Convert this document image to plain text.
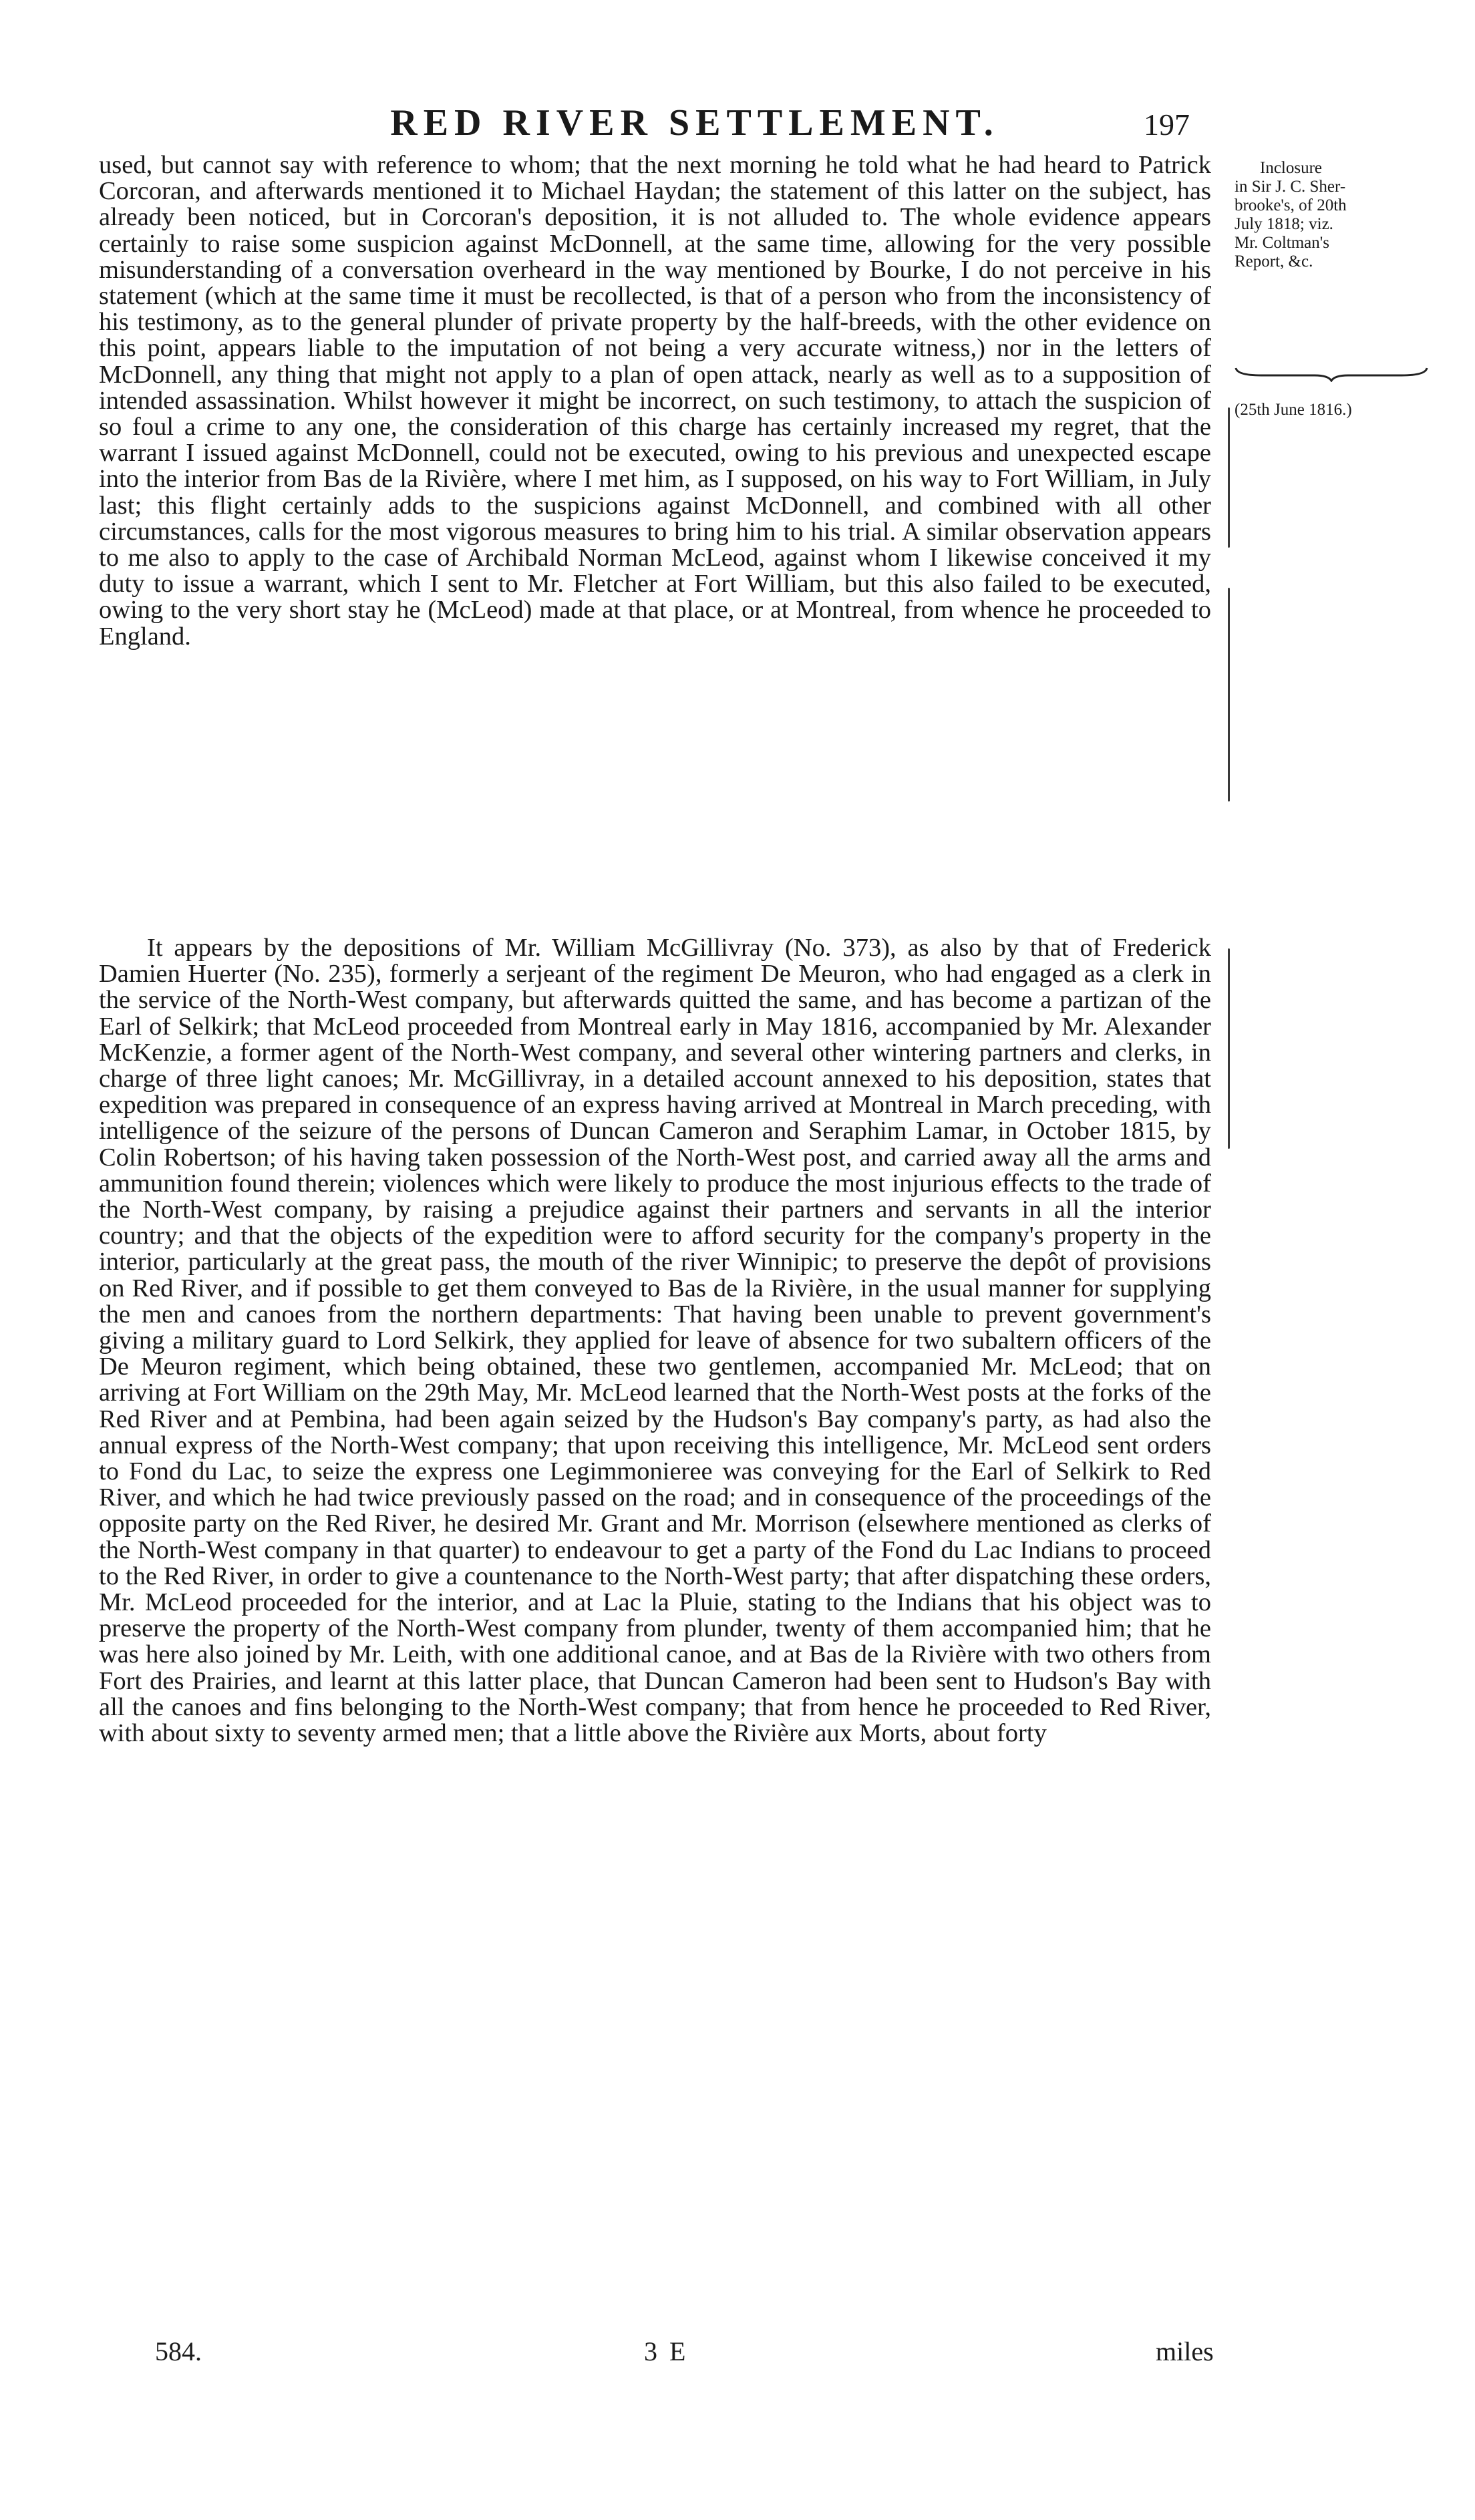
RED RIVER SETTLEMENT.	197
Inclosure
in Sir J. C. Sher-
brooke's, of 20th
July 1818; viz.
Mr. Coltman's
Report, &c.
(25th June 1816.)
used, but cannot say with reference to whom; that the next morning he told what he had heard to Patrick Corcoran, and afterwards mentioned it to Michael Haydan; the statement of this latter on the subject, has already been noticed, but in Corcoran's deposition, it is not alluded to. The whole evidence appears certainly to raise some suspicion against McDonnell, at the same time, allowing for the very possible misunderstanding of a conversation overheard in the way mentioned by Bourke, I do not perceive in his statement (which at the same time it must be recollected, is that of a person who from the inconsistency of his testimony, as to the general plunder of private property by the half-breeds, with the other evidence on this point, appears liable to the imputation of not being a very accurate witness,) nor in the letters of McDonnell, any thing that might not apply to a plan of open attack, nearly as well as to a supposition of intended assassination. Whilst however it might be incorrect, on such testimony, to attach the suspicion of so foul a crime to any one, the consideration of this charge has certainly increased my regret, that the warrant I issued against McDonnell, could not be executed, owing to his previous and unexpected escape into the interior from Bas de la Rivière, where I met him, as I supposed, on his way to Fort William, in July last; this flight certainly adds to the suspicions against McDonnell, and combined with all other circumstances, calls for the most vigorous measures to bring him to his trial. A similar observation appears to me also to apply to the case of Archibald Norman McLeod, against whom I likewise conceived it my duty to issue a warrant, which I sent to Mr. Fletcher at Fort William, but this also failed to be executed, owing to the very short stay he (McLeod) made at that place, or at Montreal, from whence he proceeded to England.
It appears by the depositions of Mr. William McGillivray (No. 373), as also by that of Frederick Damien Huerter (No. 235), formerly a serjeant of the regiment De Meuron, who had engaged as a clerk in the service of the North-West company, but afterwards quitted the same, and has become a partizan of the Earl of Selkirk; that McLeod proceeded from Montreal early in May 1816, accompanied by Mr. Alexander McKenzie, a former agent of the North-West company, and several other wintering partners and clerks, in charge of three light canoes; Mr. McGillivray, in a detailed account annexed to his deposition, states that expedition was prepared in consequence of an express having arrived at Montreal in March preceding, with intelligence of the seizure of the persons of Duncan Cameron and Seraphim Lamar, in October 1815, by Colin Robertson; of his having taken possession of the North-West post, and carried away all the arms and ammunition found therein; violences which were likely to produce the most injurious effects to the trade of the North-West company, by raising a prejudice against their partners and servants in all the interior country; and that the objects of the expedition were to afford security for the company's property in the interior, particularly at the great pass, the mouth of the river Winnipic; to preserve the depôt of provisions on Red River, and if possible to get them conveyed to Bas de la Rivière, in the usual manner for supplying the men and canoes from the northern departments: That having been unable to prevent government's giving a military guard to Lord Selkirk, they applied for leave of absence for two subaltern officers of the De Meuron regiment, which being obtained, these two gentlemen, accompanied Mr. McLeod; that on arriving at Fort William on the 29th May, Mr. McLeod learned that the North-West posts at the forks of the Red River and at Pembina, had been again seized by the Hudson's Bay company's party, as had also the annual express of the North-West company; that upon receiving this intelligence, Mr. McLeod sent orders to Fond du Lac, to seize the express one Legimmonieree was conveying for the Earl of Selkirk to Red River, and which he had twice previously passed on the road; and in consequence of the proceedings of the opposite party on the Red River, he desired Mr. Grant and Mr. Morrison (elsewhere mentioned as clerks of the North-West company in that quarter) to endeavour to get a party of the Fond du Lac Indians to proceed to the Red River, in order to give a countenance to the North-West party; that after dispatching these orders, Mr. McLeod proceeded for the interior, and at Lac la Pluie, stating to the Indians that his object was to preserve the property of the North-West company from plunder, twenty of them accompanied him; that he was here also joined by Mr. Leith, with one additional canoe, and at Bas de la Rivière with two others from Fort des Prairies, and learnt at this latter place, that Duncan Cameron had been sent to Hudson's Bay with all the canoes and fins belonging to the North-West company; that from hence he proceeded to Red River, with about sixty to seventy armed men; that a little above the Rivière aux Morts, about forty
584.	3 E	miles
